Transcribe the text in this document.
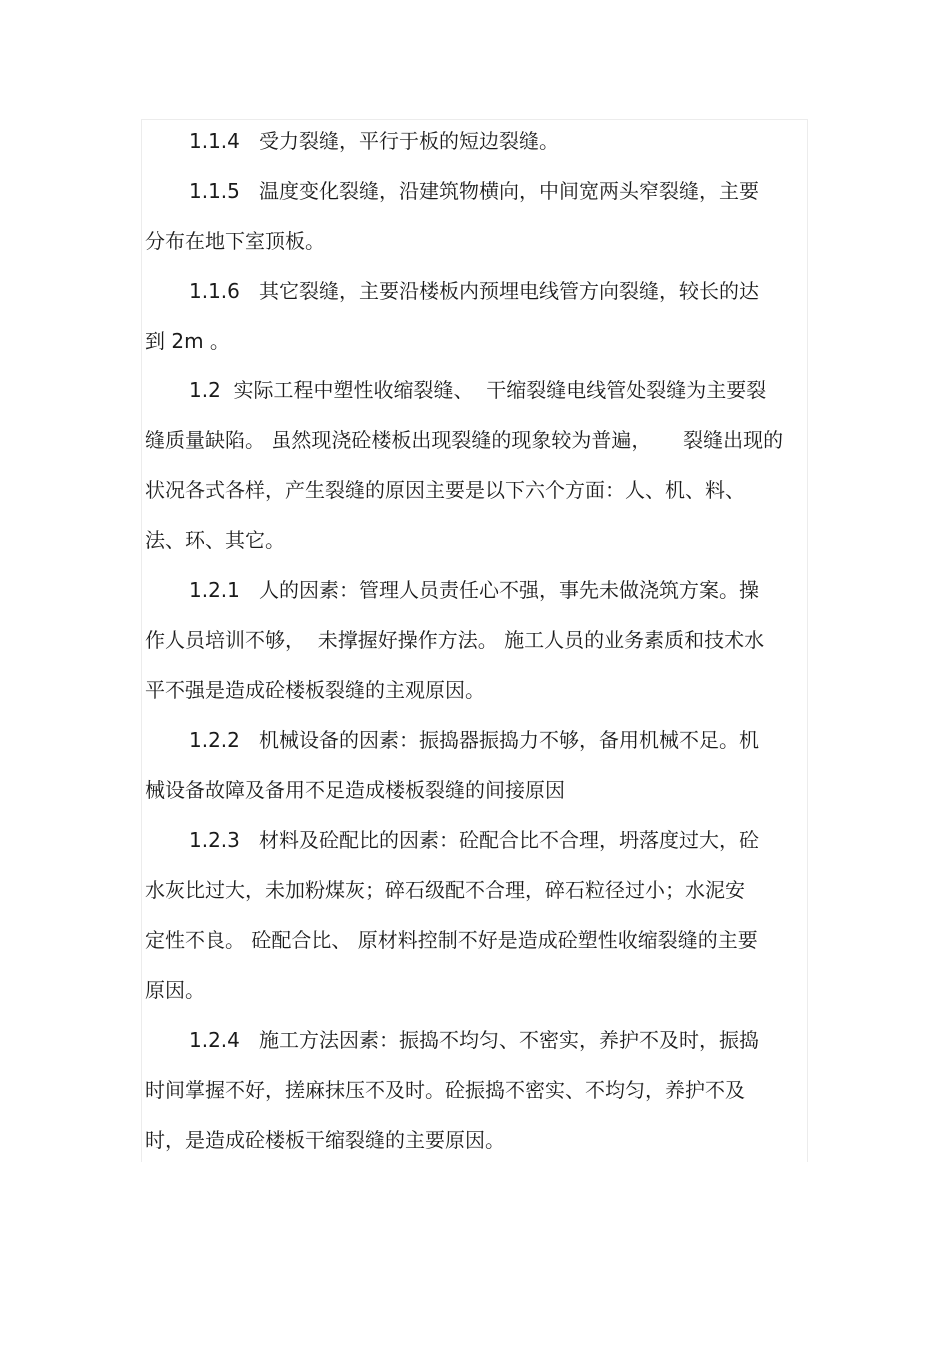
1.1.4   受力裂缝，平行于板的短边裂缝。
1.1.5   温度变化裂缝，沿建筑物横向，中间宽两头窄裂缝，主要
分布在地下室顶板。
1.1.6   其它裂缝，主要沿楼板内预埋电线管方向裂缝，较长的达
到 2m 。
1.2  实际工程中塑性收缩裂缝、  干缩裂缝电线管处裂缝为主要裂
缝质量缺陷。 虽然现浇砼楼板出现裂缝的现象较为普遍，     裂缝出现的
状况各式各样，产生裂缝的原因主要是以下六个方面：人、机、料、
法、环、其它。
1.2.1   人的因素：管理人员责任心不强，事先未做浇筑方案。操
作人员培训不够，  未撑握好操作方法。 施工人员的业务素质和技术水
平不强是造成砼楼板裂缝的主观原因。
1.2.2   机械设备的因素：振捣器振捣力不够，备用机械不足。机
械设备故障及备用不足造成楼板裂缝的间接原因
1.2.3   材料及砼配比的因素：砼配合比不合理，坍落度过大，砼
水灰比过大，未加粉煤灰；碎石级配不合理，碎石粒径过小；水泥安
定性不良。 砼配合比、 原材料控制不好是造成砼塑性收缩裂缝的主要
原因。
1.2.4   施工方法因素：振捣不均匀、不密实，养护不及时，振捣
时间掌握不好，搓麻抹压不及时。砼振捣不密实、不均匀，养护不及
时，是造成砼楼板干缩裂缝的主要原因。
